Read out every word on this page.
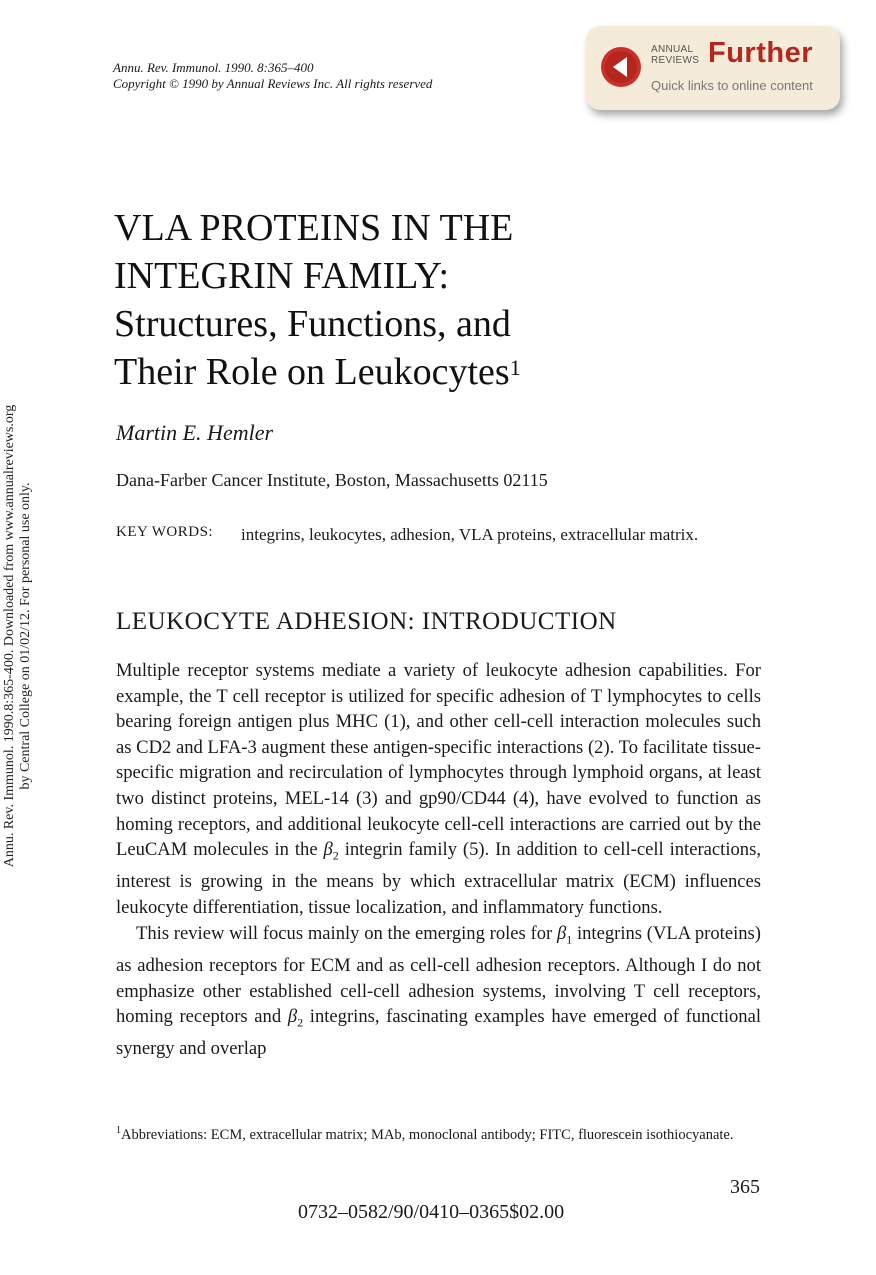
Annu. Rev. Immunol. 1990. 8:365–400
Copyright © 1990 by Annual Reviews Inc. All rights reserved
ANNUAL
REVIEWS Further
Quick links to online content
Annu. Rev. Immunol. 1990.8:365-400. Downloaded from www.annualreviews.org by Central College on 01/02/12. For personal use only.
VLA PROTEINS IN THE
INTEGRIN FAMILY:
Structures, Functions, and
Their Role on Leukocytes$^1$
Martin E. Hemler
Dana-Farber Cancer Institute, Boston, Massachusetts 02115
KEY WORDS: integrins, leukocytes, adhesion, VLA proteins, extracellular matrix.
LEUKOCYTE ADHESION: INTRODUCTION

Multiple receptor systems mediate a variety of leukocyte adhesion capabilities. For example, the T cell receptor is utilized for specific adhesion of T lymphocytes to cells bearing foreign antigen plus MHC (1), and other cell-cell interaction molecules such as CD2 and LFA-3 augment these antigen-specific interactions (2). To facilitate tissue-specific migration and recirculation of lymphocytes through lymphoid organs, at least two distinct proteins, MEL-14 (3) and gp90/CD44 (4), have evolved to function as homing receptors, and additional leukocyte cell-cell interactions are carried out by the LeuCAM molecules in the $\beta_2$ integrin family (5). In addition to cell-cell interactions, interest is growing in the means by which extracellular matrix (ECM) influences leukocyte differentiation, tissue localization, and inflammatory functions.

This review will focus mainly on the emerging roles for $\beta_1$ integrins (VLA proteins) as adhesion receptors for ECM and as cell-cell adhesion receptors. Although I do not emphasize other established cell-cell adhesion systems, involving T cell receptors, homing receptors and $\beta_2$ integrins, fascinating examples have emerged of functional synergy and overlap

$^1$Abbreviations: ECM, extracellular matrix; MAb, monoclonal antibody; FITC, fluorescein isothiocyanate.
365
0732–0582/90/0410–0365$02.00
